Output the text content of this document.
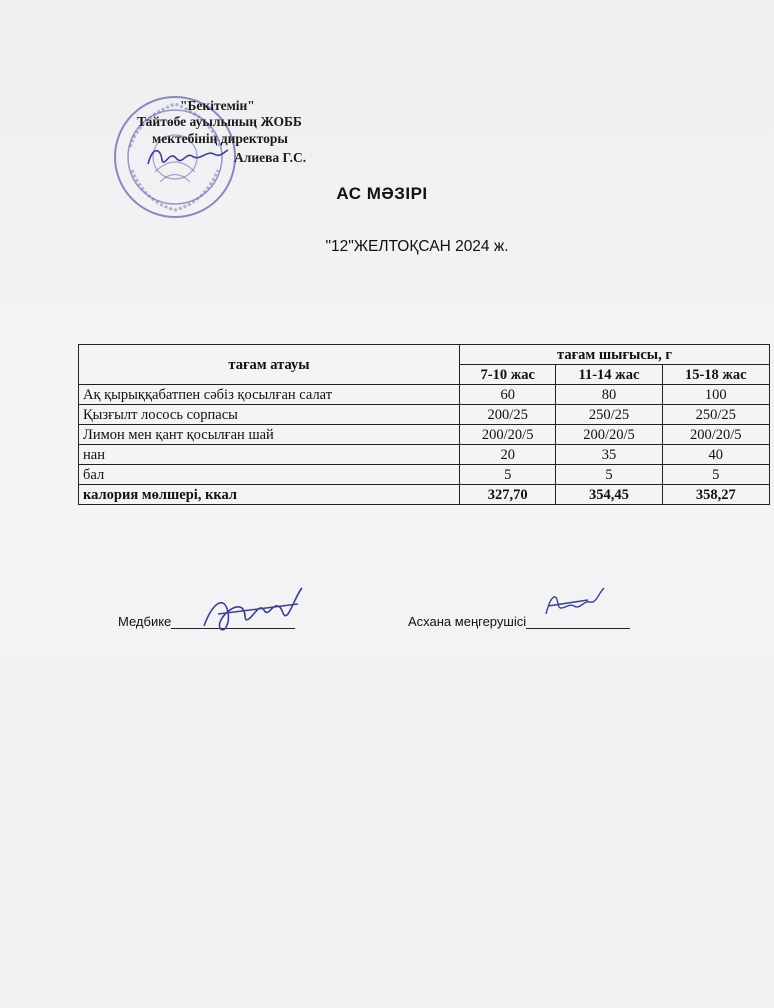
"Бекітемін"
Тайтөбе ауылының ЖОББ
мектебінің директоры
Алиева Г.С.
АС МӘЗІРІ
"12"ЖЕЛТОҚСАН 2024 ж.
тағам атауы	тағам шығысы, г		
	7-10 жас	11-14 жас	15-18 жас
Ақ қырыққабатпен сәбіз қосылған салат	60	80	100
Қызғылт лосось сорпасы	200/25	250/25	250/25
Лимон мен қант қосылған шай	200/20/5	200/20/5	200/20/5
нан	20	35	40
бал	5	5	5
калория мөлшері, ккал	327,70	354,45	358,27
Медбике	Асхана меңгерушісі
